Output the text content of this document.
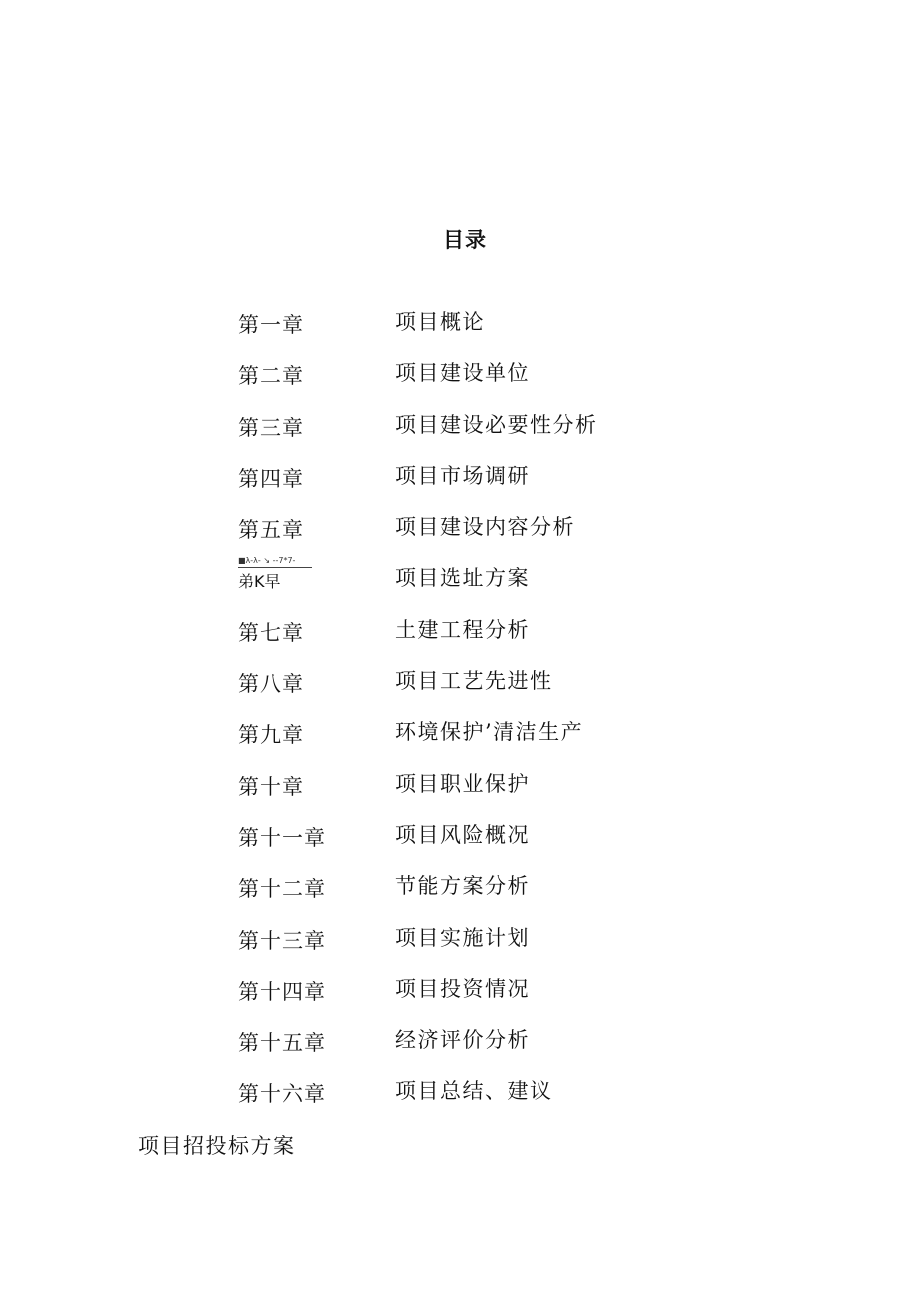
目录
第一章	项目概论
第二章	项目建设单位
第三章	项目建设必要性分析
第四章	项目市场调研
第五章	项目建设内容分析
■λ-λ- ↘ --7*7-
弟K早	项目选址方案
第七章	土建工程分析
第八章	项目工艺先进性
第九章	环境保护’清洁生产
第十章	项目职业保护
第十一章	项目风险概况
第十二章	节能方案分析
第十三章	项目实施计划
第十四章	项目投资情况
第十五章	经济评价分析
第十六章	项目总结、建议
项目招投标方案
